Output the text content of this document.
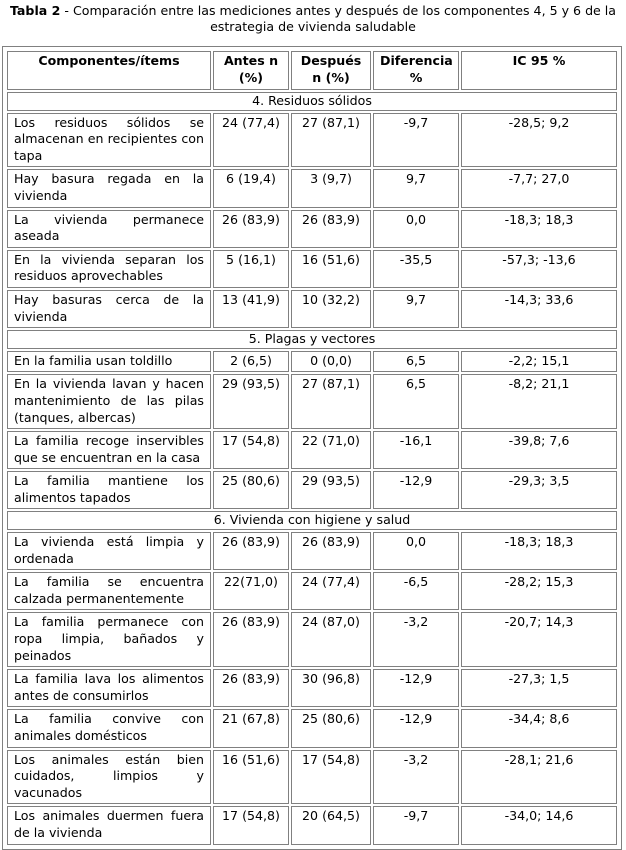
Tabla 2 - Comparación entre las mediciones antes y después de los componentes 4, 5 y 6 de la estrategia de vivienda saludable
Componentes/ítems	Antes n (%)	Después n (%)	Diferencia %	IC 95 %
4. Residuos sólidos				
Los residuos sólidos se almacenan en recipientes con tapa	24 (77,4)	27 (87,1)	-9,7	-28,5; 9,2
Hay basura regada en la vivienda	6 (19,4)	3 (9,7)	9,7	-7,7; 27,0
La vivienda permanece aseada	26 (83,9)	26 (83,9)	0,0	-18,3; 18,3
En la vivienda separan los residuos aprovechables	5 (16,1)	16 (51,6)	-35,5	-57,3; -13,6
Hay basuras cerca de la vivienda	13 (41,9)	10 (32,2)	9,7	-14,3; 33,6
5. Plagas y vectores				
En la familia usan toldillo	2 (6,5)	0 (0,0)	6,5	-2,2; 15,1
En la vivienda lavan y hacen mantenimiento de las pilas (tanques, albercas)	29 (93,5)	27 (87,1)	6,5	-8,2; 21,1
La familia recoge inservibles que se encuentran en la casa	17 (54,8)	22 (71,0)	-16,1	-39,8; 7,6
La familia mantiene los alimentos tapados	25 (80,6)	29 (93,5)	-12,9	-29,3; 3,5
6. Vivienda con higiene y salud				
La vivienda está limpia y ordenada	26 (83,9)	26 (83,9)	0,0	-18,3; 18,3
La familia se encuentra calzada permanentemente	22(71,0)	24 (77,4)	-6,5	-28,2; 15,3
La familia permanece con ropa limpia, bañados y peinados	26 (83,9)	24 (87,0)	-3,2	-20,7; 14,3
La familia lava los alimentos antes de consumirlos	26 (83,9)	30 (96,8)	-12,9	-27,3; 1,5
La familia convive con animales domésticos	21 (67,8)	25 (80,6)	-12,9	-34,4; 8,6
Los animales están bien cuidados, limpios y vacunados	16 (51,6)	17 (54,8)	-3,2	-28,1; 21,6
Los animales duermen fuera de la vivienda	17 (54,8)	20 (64,5)	-9,7	-34,0; 14,6
